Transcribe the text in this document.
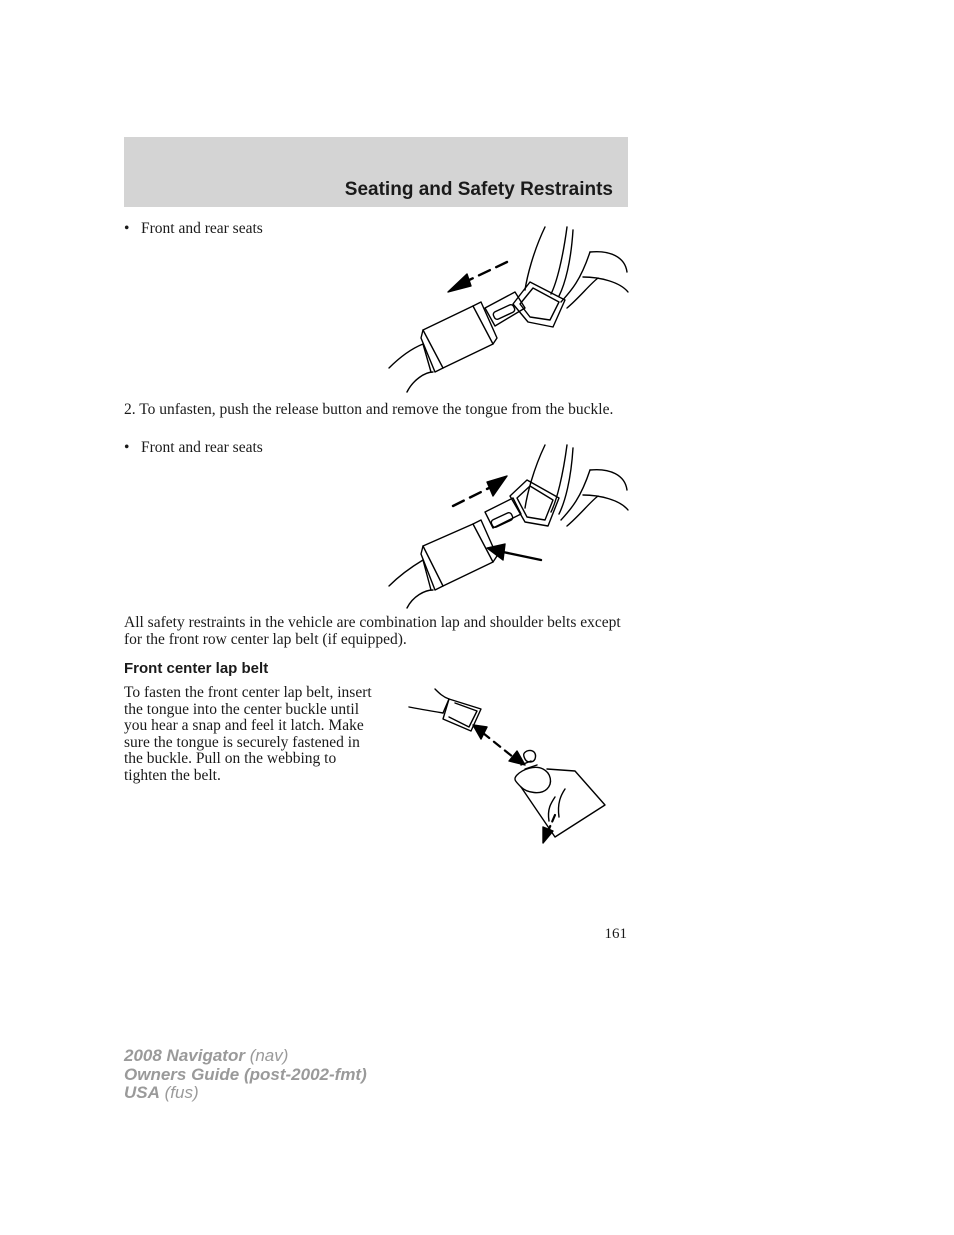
Seating and Safety Restraints
• Front and rear seats
2. To unfasten, push the release button and remove the tongue from the buckle.
• Front and rear seats
All safety restraints in the vehicle are combination lap and shoulder belts except for the front row center lap belt (if equipped).
Front center lap belt
To fasten the front center lap belt, insert the tongue into the center buckle until you hear a snap and feel it latch. Make sure the tongue is securely fastened in the buckle. Pull on the webbing to tighten the belt.
161
2008 Navigator (nav)
Owners Guide (post-2002-fmt)
USA (fus)
